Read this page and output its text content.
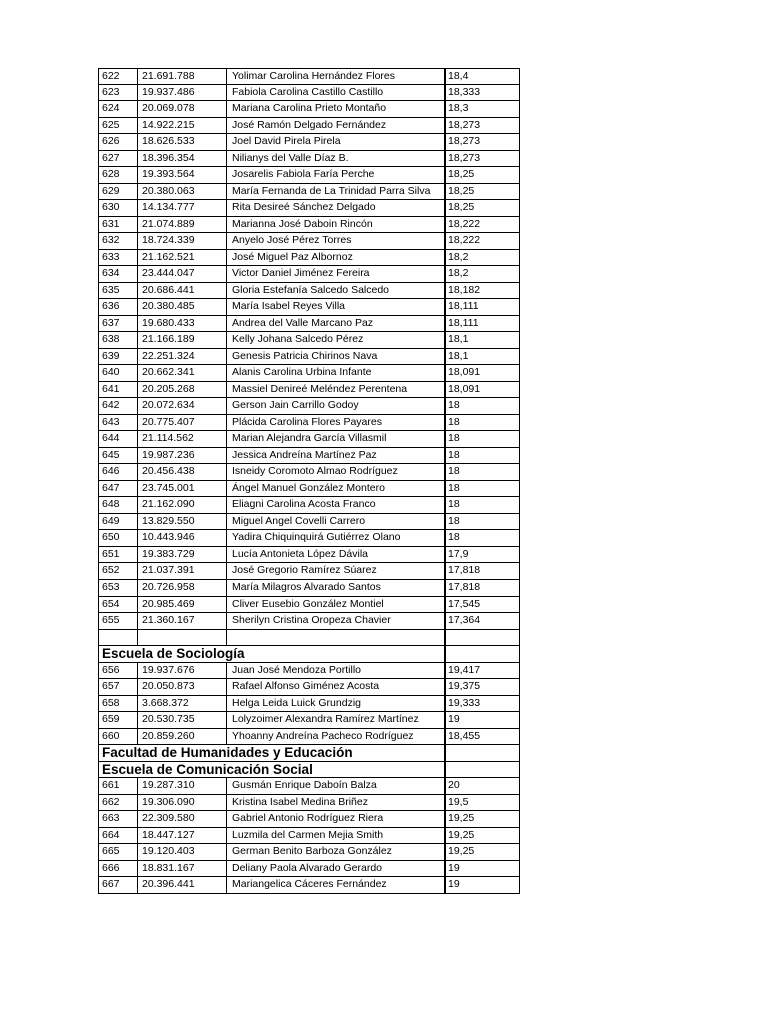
622	21.691.788	Yolimar Carolina Hernández Flores	18,4
623	19.937.486	Fabiola Carolina Castillo Castillo	18,333
624	20.069.078	Mariana Carolina Prieto Montaño	18,3
625	14.922.215	José Ramón Delgado Fernández	18,273
626	18.626.533	Joel David Pirela Pirela	18,273
627	18.396.354	Nilianys del Valle Díaz B.	18,273
628	19.393.564	Josarelis Fabiola Faría Perche	18,25
629	20.380.063	María Fernanda de La Trinidad Parra Silva	18,25
630	14.134.777	Rita Desireé Sánchez Delgado	18,25
631	21.074.889	Marianna José Daboin Rincón	18,222
632	18.724.339	Anyelo José Pérez Torres	18,222
633	21.162.521	José Miguel Paz Albornoz	18,2
634	23.444.047	Victor Daniel Jiménez Fereira	18,2
635	20.686.441	Gloria Estefanía Salcedo Salcedo	18,182
636	20.380.485	María Isabel Reyes Villa	18,111
637	19.680.433	Andrea del Valle Marcano Paz	18,111
638	21.166.189	Kelly Johana Salcedo Pérez	18,1
639	22.251.324	Genesis Patricia Chirinos Nava	18,1
640	20.662.341	Alanis Carolina Urbina Infante	18,091
641	20.205.268	Massiel Denireé Meléndez Perentena	18,091
642	20.072.634	Gerson Jain Carrillo Godoy	18
643	20.775.407	Plácida Carolina Flores Payares	18
644	21.114.562	Marian Alejandra García Villasmil	18
645	19.987.236	Jessica Andreína Martínez Paz	18
646	20.456.438	Isneidy Coromoto Almao Rodríguez	18
647	23.745.001	Ángel Manuel González Montero	18
648	21.162.090	Eliagni Carolina Acosta Franco	18
649	13.829.550	Miguel Angel Covelli Carrero	18
650	10.443.946	Yadira Chiquinquirá Gutiérrez Olano	18
651	19.383.729	Lucía Antonieta López Dávila	17,9
652	21.037.391	José Gregorio Ramírez Súarez	17,818
653	20.726.958	María Milagros Alvarado Santos	17,818
654	20.985.469	Cliver Eusebio González Montiel	17,545
655	21.360.167	Sherilyn Cristina Oropeza Chavier	17,364
Escuela de Sociología
656	19.937.676	Juan José Mendoza Portillo	19,417
657	20.050.873	Rafael Alfonso Giménez Acosta	19,375
658	3.668.372	Helga Leida Luick Grundzig	19,333
659	20.530.735	Lolyzoimer Alexandra Ramírez Martínez	19
660	20.859.260	Yhoanny Andreína Pacheco Rodríguez	18,455
Facultad de Humanidades y Educación
Escuela de Comunicación Social
661	19.287.310	Gusmán Enrique Daboín Balza	20
662	19.306.090	Kristina Isabel Medina Briñez	19,5
663	22.309.580	Gabriel Antonio Rodríguez Riera	19,25
664	18.447.127	Luzmila del Carmen Mejia Smith	19,25
665	19.120.403	German Benito Barboza González	19,25
666	18.831.167	Deliany Paola Alvarado Gerardo	19
667	20.396.441	Mariangelica Cáceres Fernández	19
